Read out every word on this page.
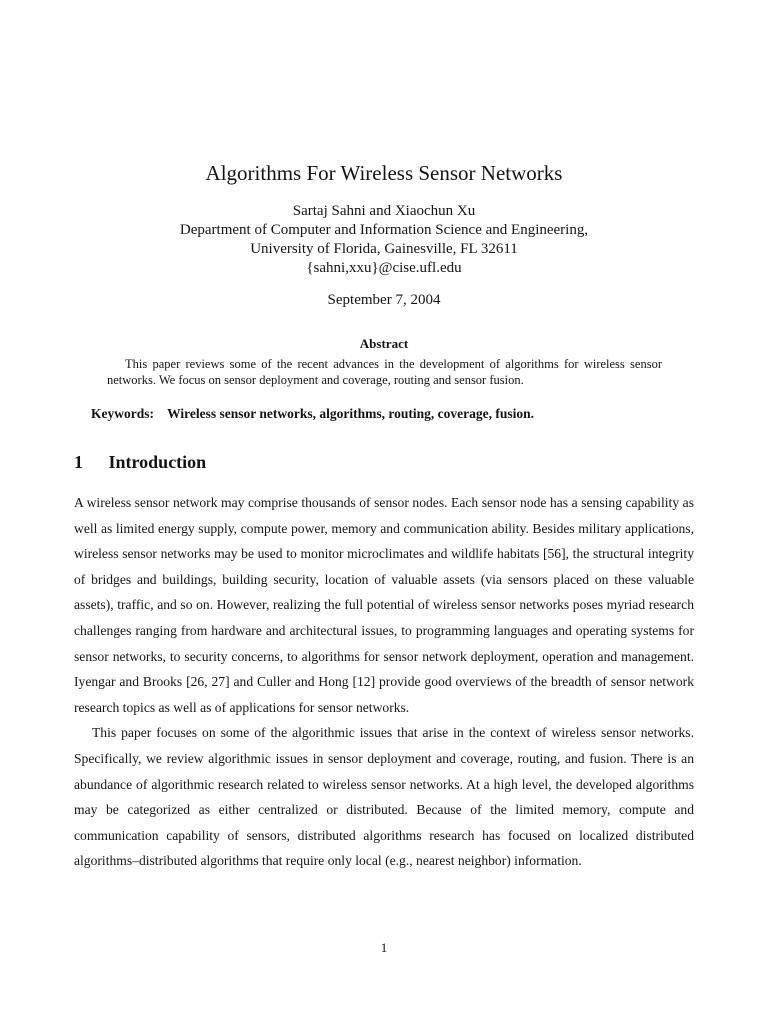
Algorithms For Wireless Sensor Networks
Sartaj Sahni and Xiaochun Xu
Department of Computer and Information Science and Engineering,
University of Florida, Gainesville, FL 32611
{sahni,xxu}@cise.ufl.edu
September 7, 2004
Abstract
This paper reviews some of the recent advances in the development of algorithms for wireless sensor networks. We focus on sensor deployment and coverage, routing and sensor fusion.
Keywords: Wireless sensor networks, algorithms, routing, coverage, fusion.
1 Introduction

A wireless sensor network may comprise thousands of sensor nodes. Each sensor node has a sensing capability as well as limited energy supply, compute power, memory and communication ability. Besides military applications, wireless sensor networks may be used to monitor microclimates and wildlife habitats [56], the structural integrity of bridges and buildings, building security, location of valuable assets (via sensors placed on these valuable assets), traffic, and so on. However, realizing the full potential of wireless sensor networks poses myriad research challenges ranging from hardware and architectural issues, to programming languages and operating systems for sensor networks, to security concerns, to algorithms for sensor network deployment, operation and management. Iyengar and Brooks [26, 27] and Culler and Hong [12] provide good overviews of the breadth of sensor network research topics as well as of applications for sensor networks.

This paper focuses on some of the algorithmic issues that arise in the context of wireless sensor networks. Specifically, we review algorithmic issues in sensor deployment and coverage, routing, and fusion. There is an abundance of algorithmic research related to wireless sensor networks. At a high level, the developed algorithms may be categorized as either centralized or distributed. Because of the limited memory, compute and communication capability of sensors, distributed algorithms research has focused on localized distributed algorithms–distributed algorithms that require only local (e.g., nearest neighbor) information.

1
